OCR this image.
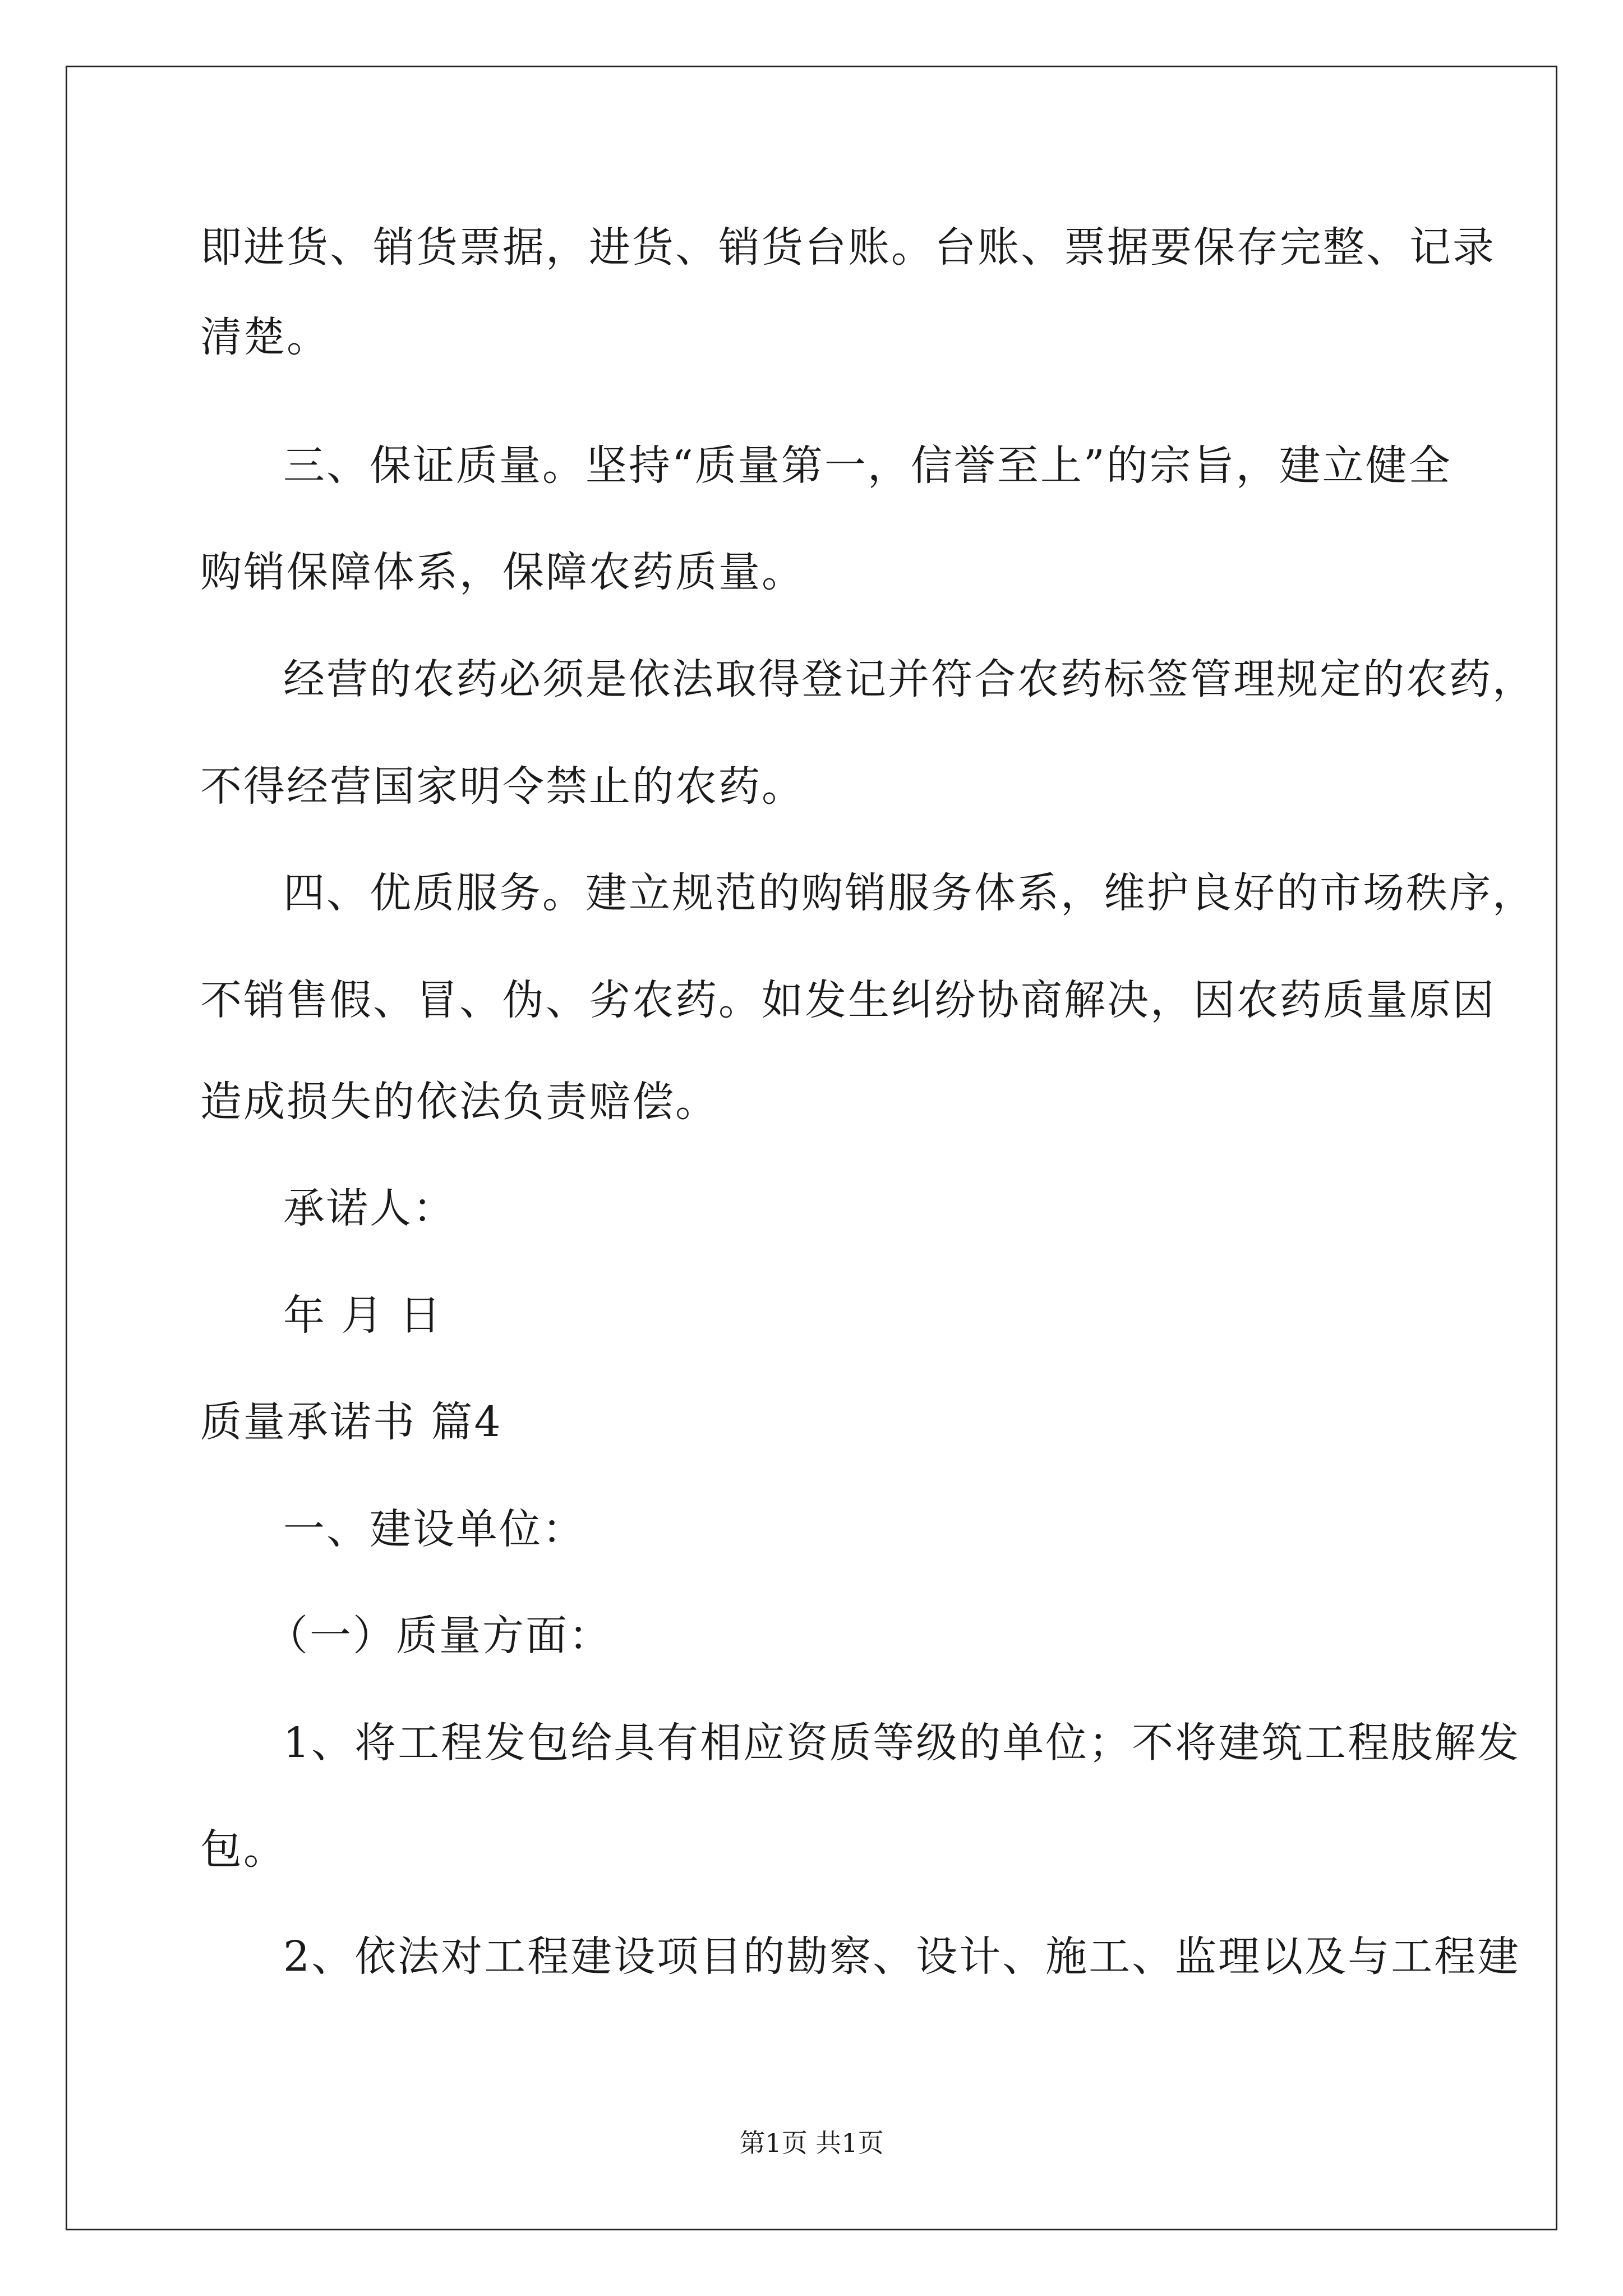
即进货、销货票据，进货、销货台账。台账、票据要保存完整、记录
清楚。
三、保证质量。坚持“质量第一，信誉至上”的宗旨，建立健全
购销保障体系，保障农药质量。
经营的农药必须是依法取得登记并符合农药标签管理规定的农药，
不得经营国家明令禁止的农药。
四、优质服务。建立规范的购销服务体系，维护良好的市场秩序，
不销售假、冒、伪、劣农药。如发生纠纷协商解决，因农药质量原因
造成损失的依法负责赔偿。
承诺人：
年 月 日
质量承诺书 篇4
一、建设单位：
（一）质量方面：
1、将工程发包给具有相应资质等级的单位；不将建筑工程肢解发
包。
2、依法对工程建设项目的勘察、设计、施工、监理以及与工程建
第1页 共1页
